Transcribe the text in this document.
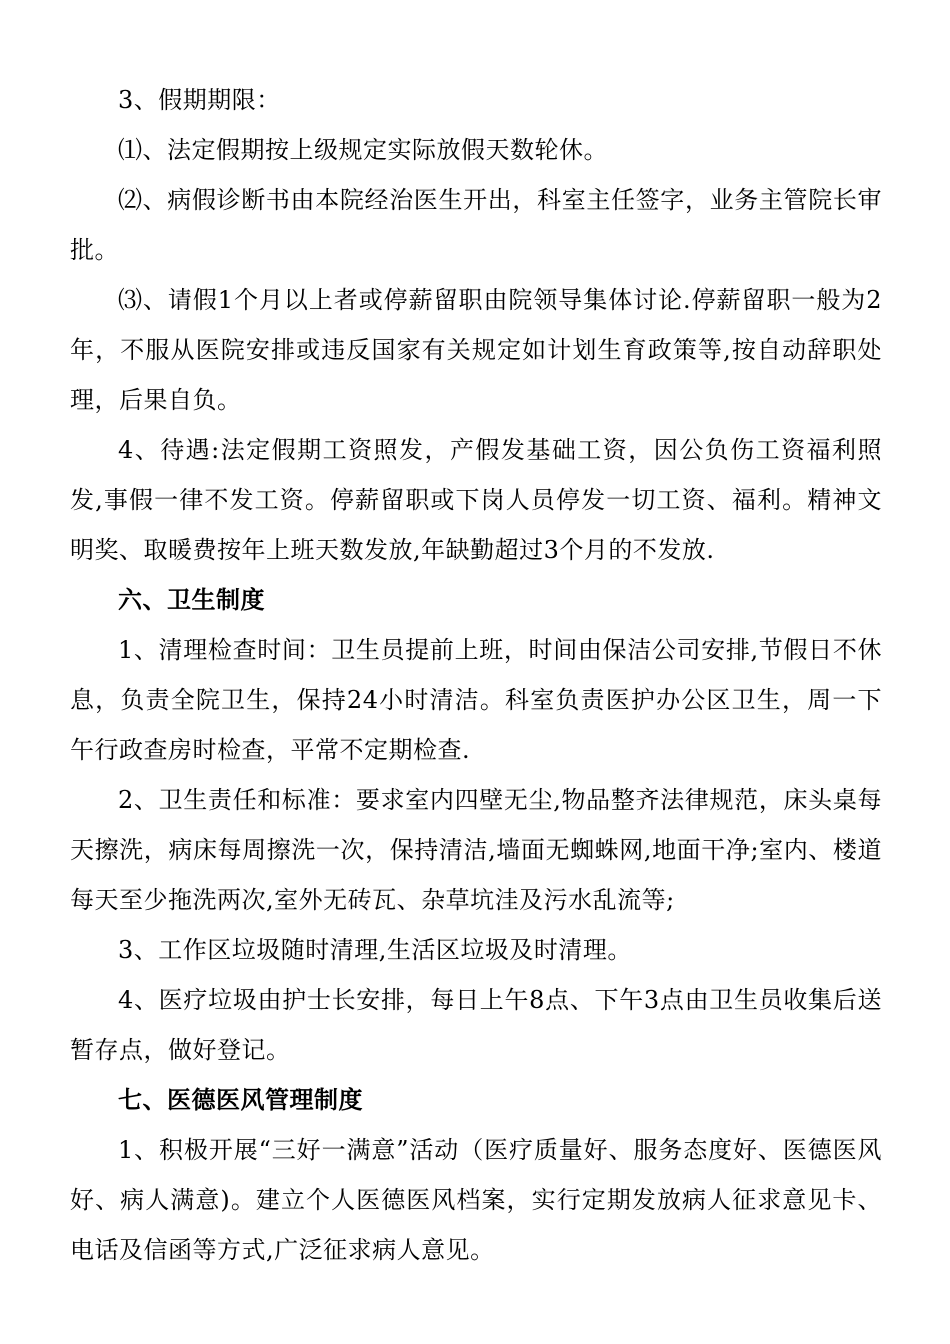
3、假期期限：

⑴、法定假期按上级规定实际放假天数轮休。

⑵、病假诊断书由本院经治医生开出，科室主任签字，业务主管院长审批。

⑶、请假1个月以上者或停薪留职由院领导集体讨论.停薪留职一般为2年，不服从医院安排或违反国家有关规定如计划生育政策等,按自动辞职处理，后果自负。

4、待遇:法定假期工资照发，产假发基础工资，因公负伤工资福利照发,事假一律不发工资。停薪留职或下岗人员停发一切工资、福利。精神文明奖、取暖费按年上班天数发放,年缺勤超过3个月的不发放.

六、卫生制度

1、清理检查时间：卫生员提前上班，时间由保洁公司安排,节假日不休息，负责全院卫生，保持24小时清洁。科室负责医护办公区卫生，周一下午行政查房时检查，平常不定期检查.

2、卫生责任和标准：要求室内四壁无尘,物品整齐法律规范，床头桌每天擦洗，病床每周擦洗一次，保持清洁,墙面无蜘蛛网,地面干净;室内、楼道每天至少拖洗两次,室外无砖瓦、杂草坑洼及污水乱流等;

3、工作区垃圾随时清理,生活区垃圾及时清理。

4、医疗垃圾由护士长安排，每日上午8点、下午3点由卫生员收集后送暂存点，做好登记。

七、医德医风管理制度

1、积极开展“三好一满意”活动（医疗质量好、服务态度好、医德医风好、病人满意)。建立个人医德医风档案，实行定期发放病人征求意见卡、电话及信函等方式,广泛征求病人意见。
